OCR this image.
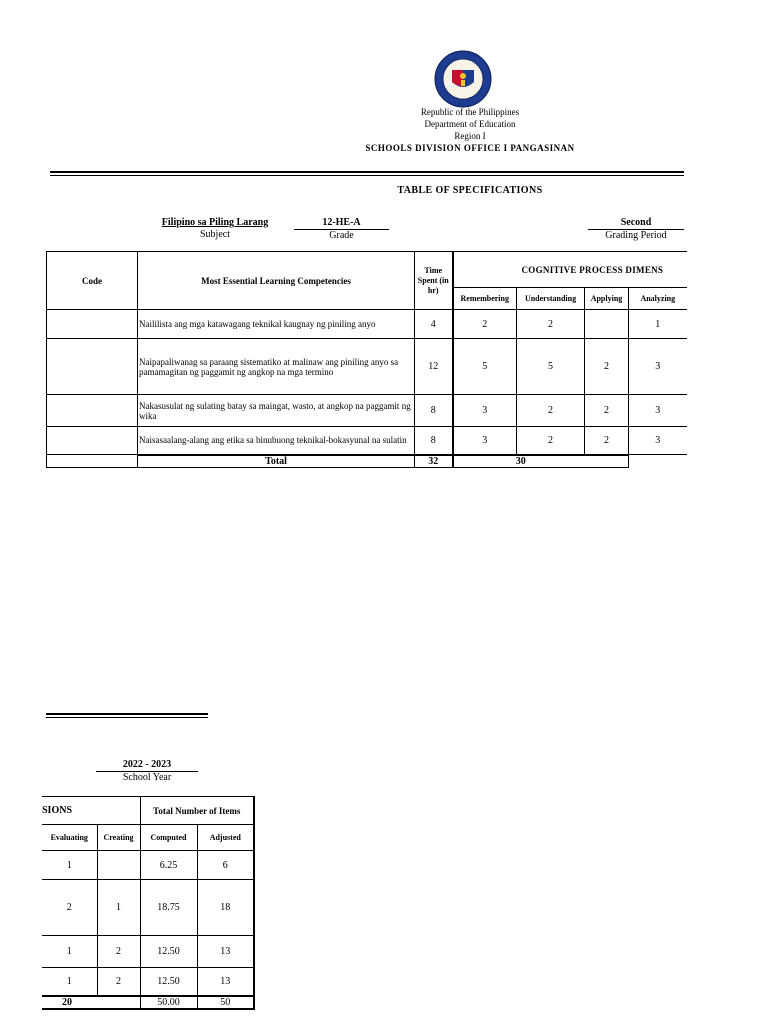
Republic of the Philippines
Department of Education
Region I
SCHOOLS DIVISION OFFICE I PANGASINAN
TABLE OF SPECIFICATIONS
Filipino sa Piling Larang
Subject
12-HE-A
Grade
Second
Grading Period
Code	Most Essential Learning Competencies	Time Spent (in hr)	COGNITIVE PROCESS DIMENS			
			Remembering	Understanding	Applying	Analyzing
	Naililista ang mga katawagang teknikal kaugnay ng piniling anyo	4	2	2		1
	Naipapaliwanag sa paraang sistematiko at malinaw ang piniling anyo sa pamamagitan ng paggamit ng angkop na mga termino	12	5	5	2	3
	Nakasusulat ng sulating batay sa maingat, wasto, at angkop na paggamit ng wika	8	3	2	2	3
	Naisasaalang-alang ang etika sa binubuong teknikal-bokasyunal na sulatin	8	3	2	2	3
	Total	32	30			
2022 - 2023
School Year
SIONS		Total Number of Items	
Evaluating	Creating	Computed	Adjusted
1		6.25	6
2	1	18.75	18
1	2	12.50	13
1	2	12.50	13
20		50.00	50
